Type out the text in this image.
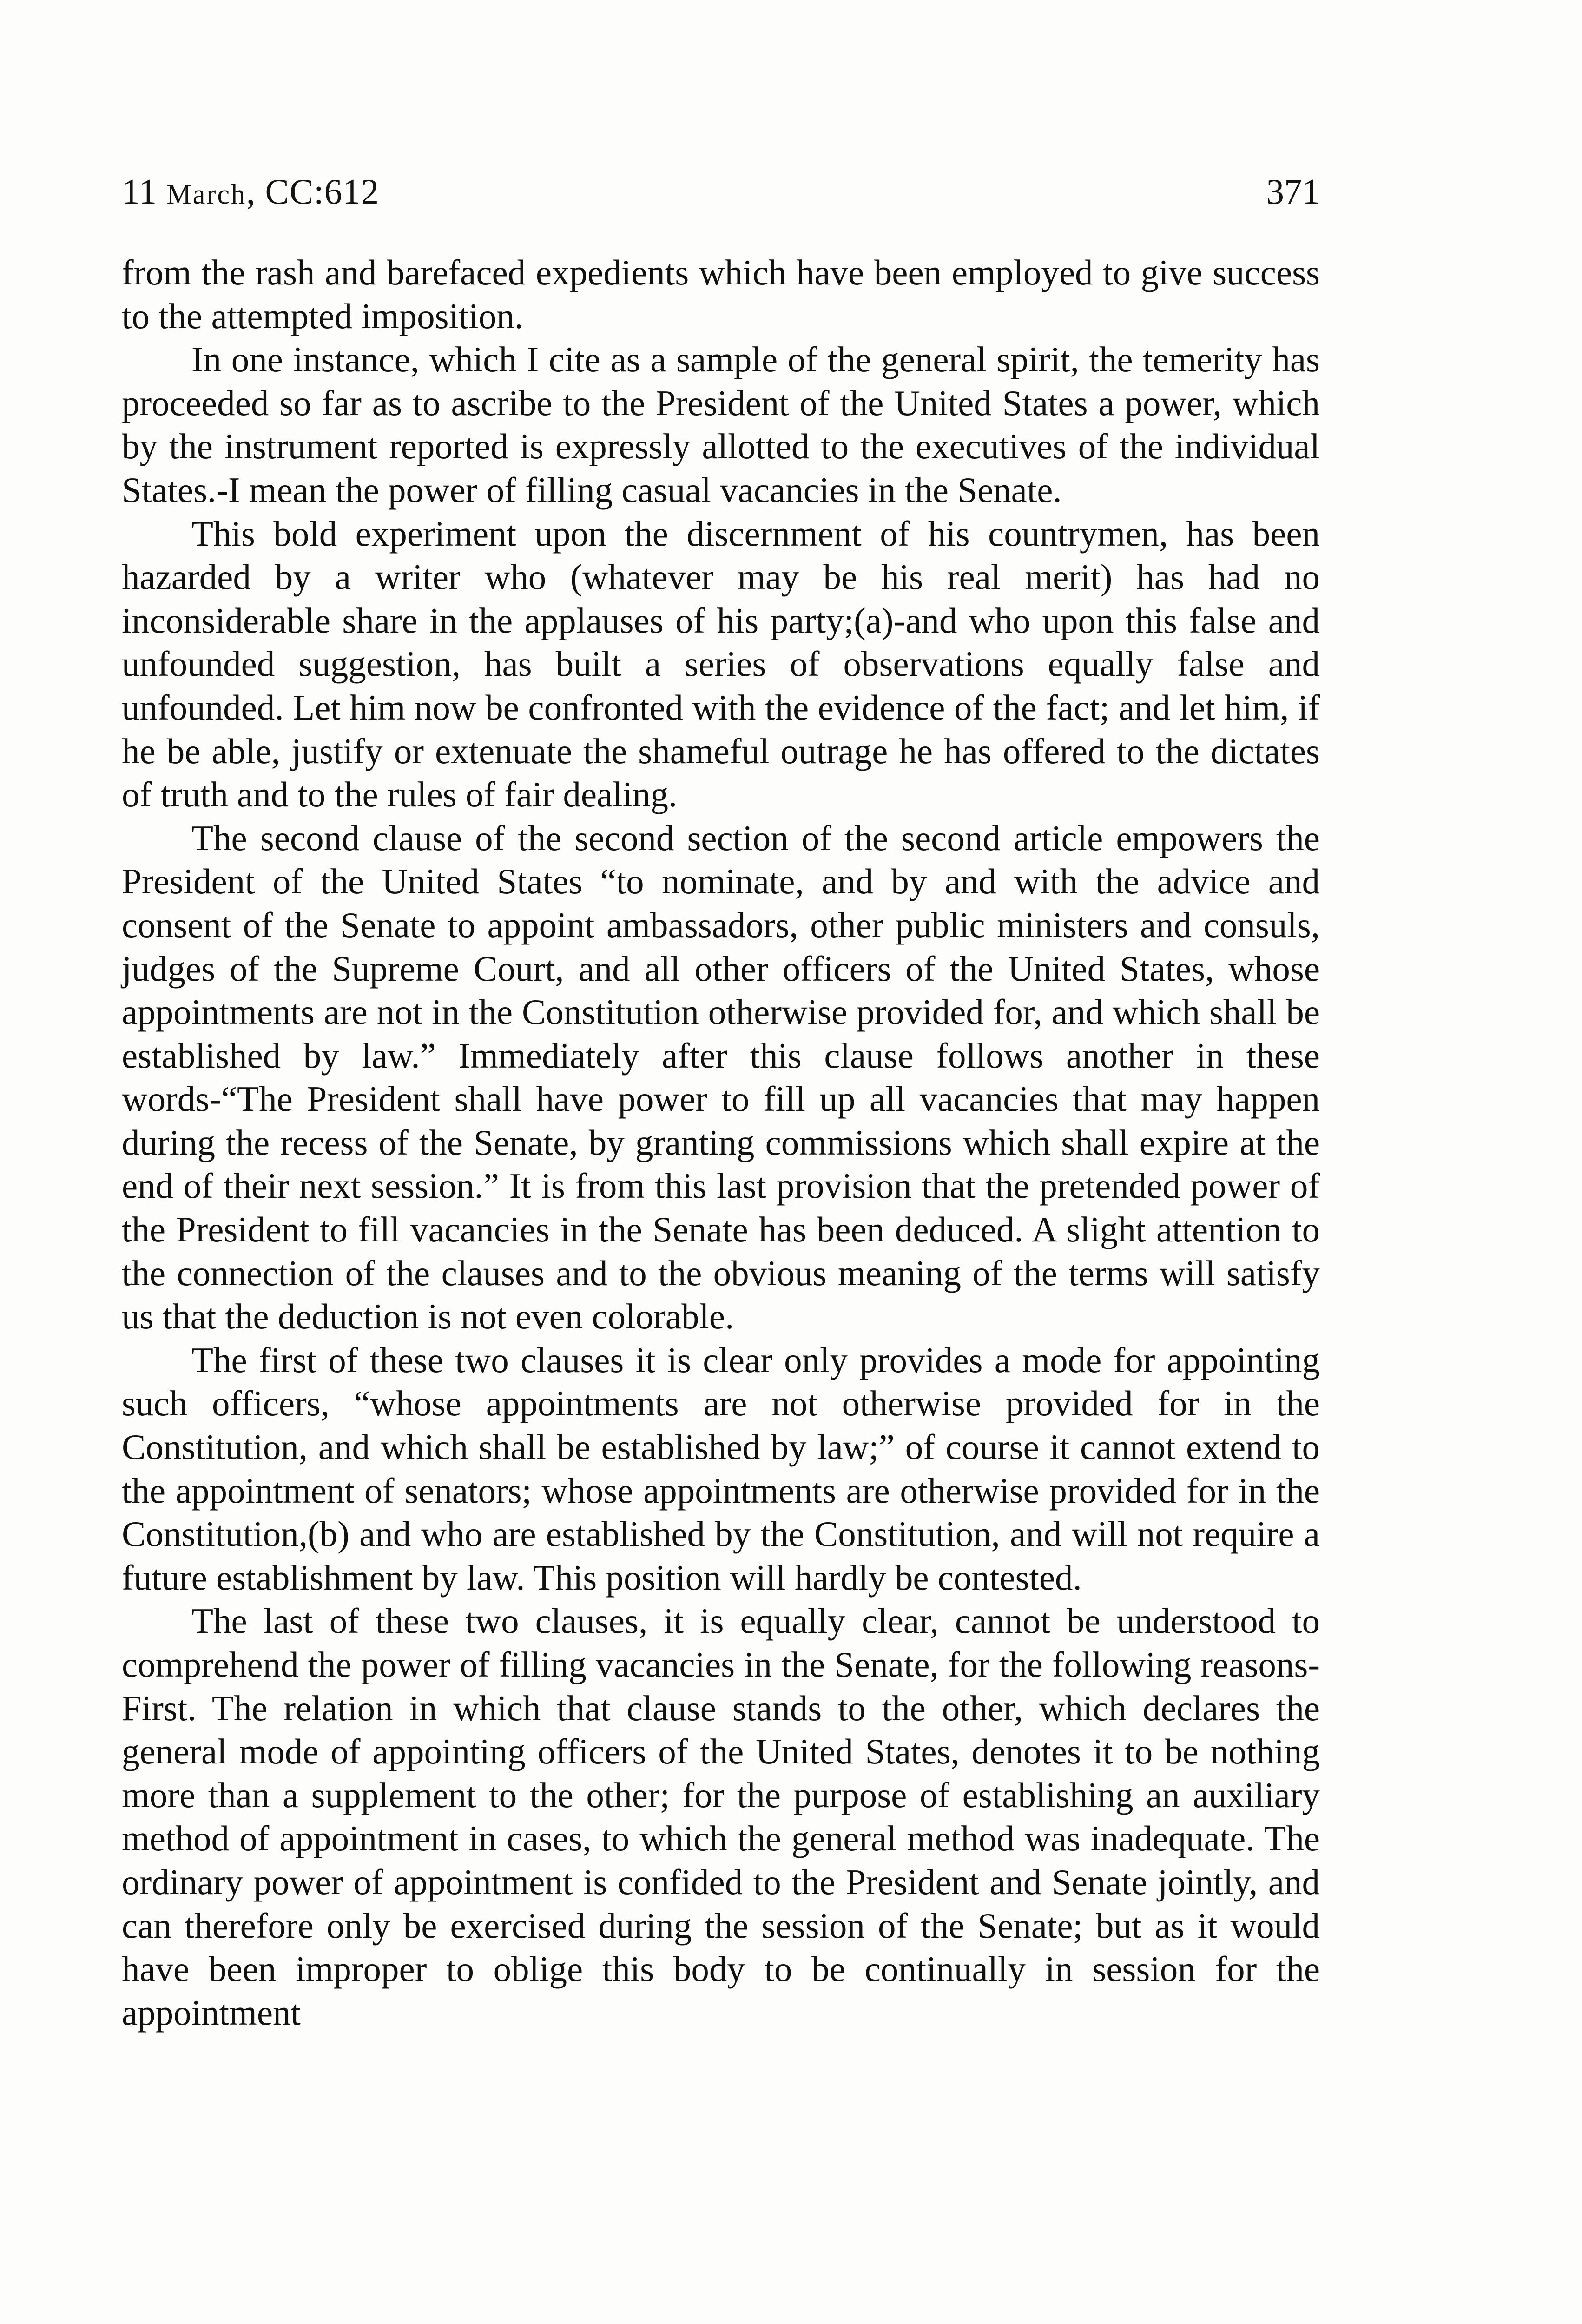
11 March, CC:612	371

from the rash and barefaced expedients which have been employed to give success to the attempted imposition.

In one instance, which I cite as a sample of the general spirit, the temerity has proceeded so far as to ascribe to the President of the United States a power, which by the instrument reported is expressly allotted to the executives of the individual States.-I mean the power of filling casual vacancies in the Senate.

This bold experiment upon the discernment of his countrymen, has been hazarded by a writer who (whatever may be his real merit) has had no inconsiderable share in the applauses of his party;(a)-and who upon this false and unfounded suggestion, has built a series of observations equally false and unfounded. Let him now be confronted with the evidence of the fact; and let him, if he be able, justify or extenuate the shameful outrage he has offered to the dictates of truth and to the rules of fair dealing.

The second clause of the second section of the second article empowers the President of the United States “to nominate, and by and with the advice and consent of the Senate to appoint ambassadors, other public ministers and consuls, judges of the Supreme Court, and all other officers of the United States, whose appointments are not in the Constitution otherwise provided for, and which shall be established by law.” Immediately after this clause follows another in these words-“The President shall have power to fill up all vacancies that may happen during the recess of the Senate, by granting commissions which shall expire at the end of their next session.” It is from this last provision that the pretended power of the President to fill vacancies in the Senate has been deduced. A slight attention to the connection of the clauses and to the obvious meaning of the terms will satisfy us that the deduction is not even colorable.

The first of these two clauses it is clear only provides a mode for appointing such officers, “whose appointments are not otherwise provided for in the Constitution, and which shall be established by law;” of course it cannot extend to the appointment of senators; whose appointments are otherwise provided for in the Constitution,(b) and who are established by the Constitution, and will not require a future establishment by law. This position will hardly be contested.

The last of these two clauses, it is equally clear, cannot be understood to comprehend the power of filling vacancies in the Senate, for the following reasons-First. The relation in which that clause stands to the other, which declares the general mode of appointing officers of the United States, denotes it to be nothing more than a supplement to the other; for the purpose of establishing an auxiliary method of appointment in cases, to which the general method was inadequate. The ordinary power of appointment is confided to the President and Senate jointly, and can therefore only be exercised during the session of the Senate; but as it would have been improper to oblige this body to be continually in session for the appointment
